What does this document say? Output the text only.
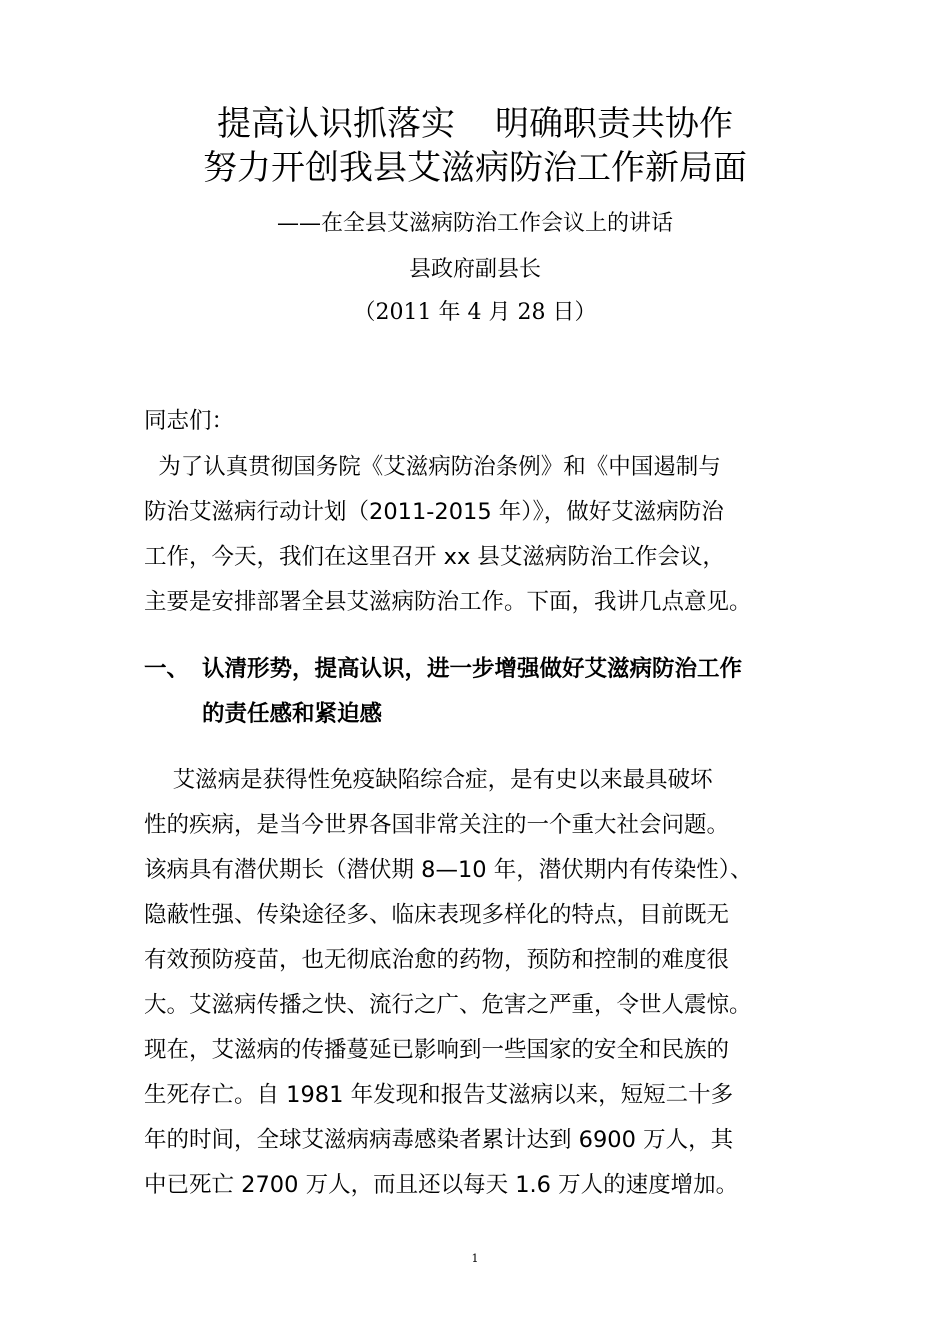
提高认识抓落实 明确职责共协作
努力开创我县艾滋病防治工作新局面
——在全县艾滋病防治工作会议上的讲话
县政府副县长
（2011 年 4 月 28 日）
同志们：
为了认真贯彻国务院《艾滋病防治条例》和《中国遏制与
防治艾滋病行动计划（2011-2015 年）》，做好艾滋病防治
工作，今天，我们在这里召开 xx 县艾滋病防治工作会议，
主要是安排部署全县艾滋病防治工作。下面，我讲几点意见。
一、 认清形势，提高认识，进一步增强做好艾滋病防治工作
的责任感和紧迫感
艾滋病是获得性免疫缺陷综合症，是有史以来最具破坏
性的疾病，是当今世界各国非常关注的一个重大社会问题。
该病具有潜伏期长（潜伏期 8—10 年，潜伏期内有传染性）、
隐蔽性强、传染途径多、临床表现多样化的特点，目前既无
有效预防疫苗，也无彻底治愈的药物，预防和控制的难度很
大。艾滋病传播之快、流行之广、危害之严重，令世人震惊。
现在，艾滋病的传播蔓延已影响到一些国家的安全和民族的
生死存亡。自 1981 年发现和报告艾滋病以来，短短二十多
年的时间，全球艾滋病病毒感染者累计达到 6900 万人，其
中已死亡 2700 万人，而且还以每天 1.6 万人的速度增加。
1
